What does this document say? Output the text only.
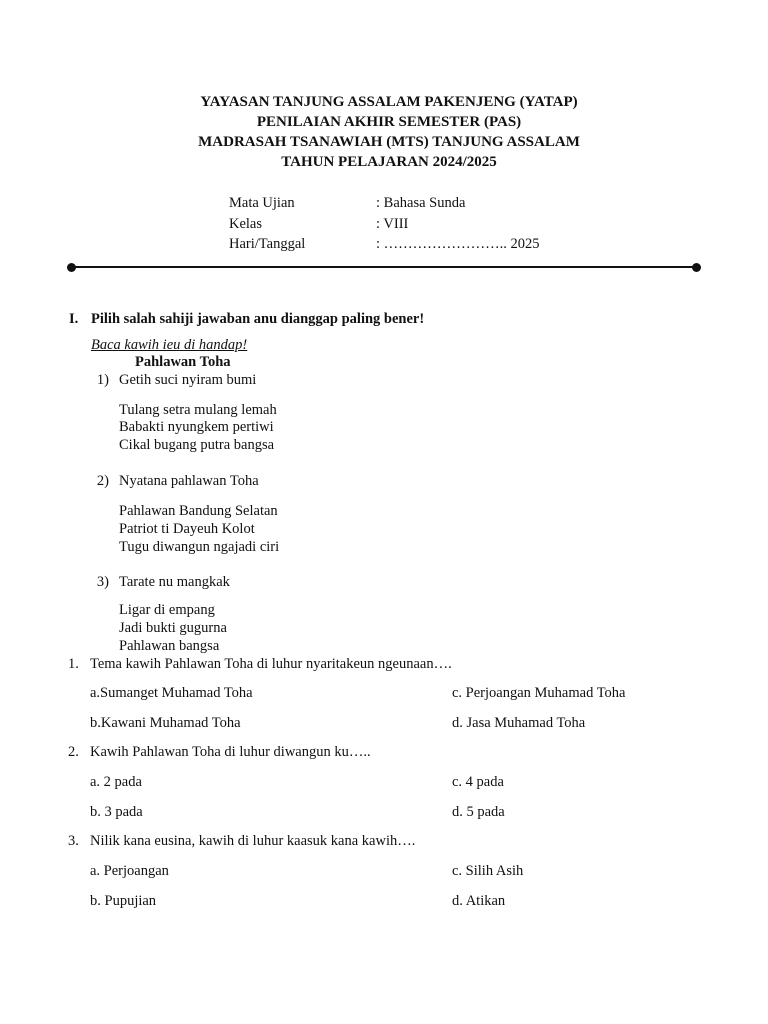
YAYASAN TANJUNG ASSALAM PAKENJENG (YATAP)
PENILAIAN AKHIR SEMESTER (PAS)
MADRASAH TSANAWIAH (MTS) TANJUNG ASSALAM
TAHUN PELAJARAN 2024/2025
Mata Ujian	: Bahasa Sunda
Kelas	: VIII
Hari/Tanggal	: …………………….. 2025
I. Pilih salah sahiji jawaban anu dianggap paling bener!
Baca kawih ieu di handap!
Pahlawan Toha
1) Getih suci nyiram bumi
Tulang setra mulang lemah
Babakti nyungkem pertiwi
Cikal bugang putra bangsa
2) Nyatana pahlawan Toha
Pahlawan Bandung Selatan
Patriot ti Dayeuh Kolot
Tugu diwangun ngajadi ciri
3) Tarate nu mangkak
Ligar di empang
Jadi bukti gugurna
Pahlawan bangsa
1. Tema kawih Pahlawan Toha di luhur nyaritakeun ngeunaan….
a.Sumanget Muhamad Toha	c. Perjoangan Muhamad Toha
b.Kawani Muhamad Toha	d. Jasa Muhamad Toha
2. Kawih Pahlawan Toha di luhur diwangun ku…..
a. 2 pada	c. 4 pada
b. 3 pada	d. 5 pada
3. Nilik kana eusina, kawih di luhur kaasuk kana kawih….
a. Perjoangan	c. Silih Asih
b. Pupujian	d. Atikan
